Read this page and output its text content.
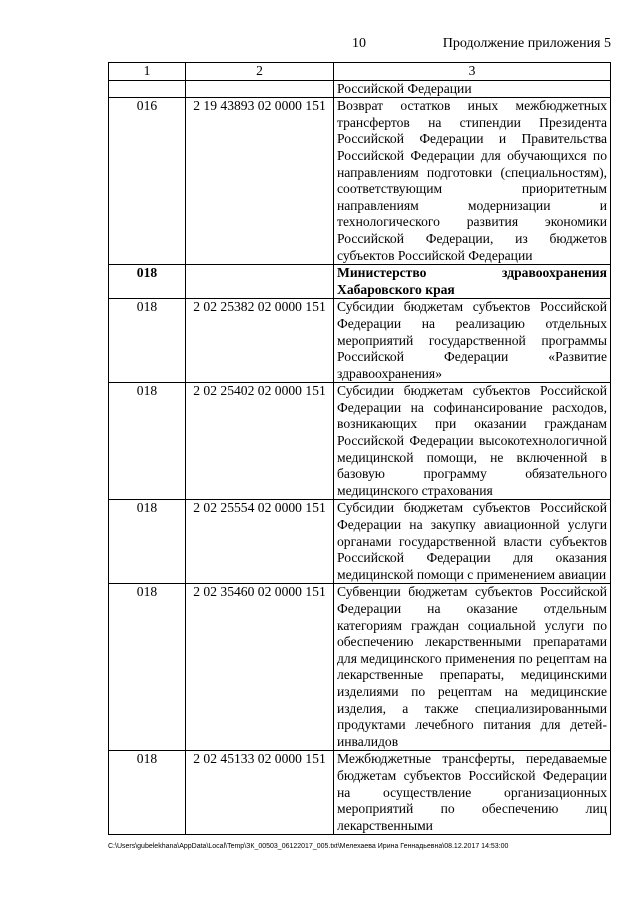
10	Продолжение приложения 5
1	2	3
		Российской Федерации
016	2 19 43893 02 0000 151	Возврат остатков иных межбюджетных трансфертов на стипендии Президента Российской Федерации и Правительства Российской Федерации для обучающихся по направлениям подготовки (специальностям), соответствующим приоритетным направлениям модернизации и технологического развития экономики Российской Федерации, из бюджетов субъектов Российской Федерации
018		Министерство здравоохранения Хабаровского края
018	2 02 25382 02 0000 151	Субсидии бюджетам субъектов Российской Федерации на реализацию отдельных мероприятий государственной программы Российской Федерации «Развитие здравоохранения»
018	2 02 25402 02 0000 151	Субсидии бюджетам субъектов Российской Федерации на софинансирование расходов, возникающих при оказании гражданам Российской Федерации высокотехнологичной медицинской помощи, не включенной в базовую программу обязательного медицинского страхования
018	2 02 25554 02 0000 151	Субсидии бюджетам субъектов Российской Федерации на закупку авиационной услуги органами государственной власти субъектов Российской Федерации для оказания медицинской помощи с применением авиации
018	2 02 35460 02 0000 151	Субвенции бюджетам субъектов Российской Федерации на оказание отдельным категориям граждан социальной услуги по обеспечению лекарственными препаратами для медицинского применения по рецептам на лекарственные препараты, медицинскими изделиями по рецептам на медицинские изделия, а также специализированными продуктами лечебного питания для детей-инвалидов
018	2 02 45133 02 0000 151	Межбюджетные трансферты, передаваемые бюджетам субъектов Российской Федерации на осуществление организационных мероприятий по обеспечению лиц лекарственными
C:\Users\gubelekhana\AppData\Local\Temp\ЗК_00503_06122017_005.txt\Мелехаева Ирина Геннадьевна\08.12.2017 14:53:00
